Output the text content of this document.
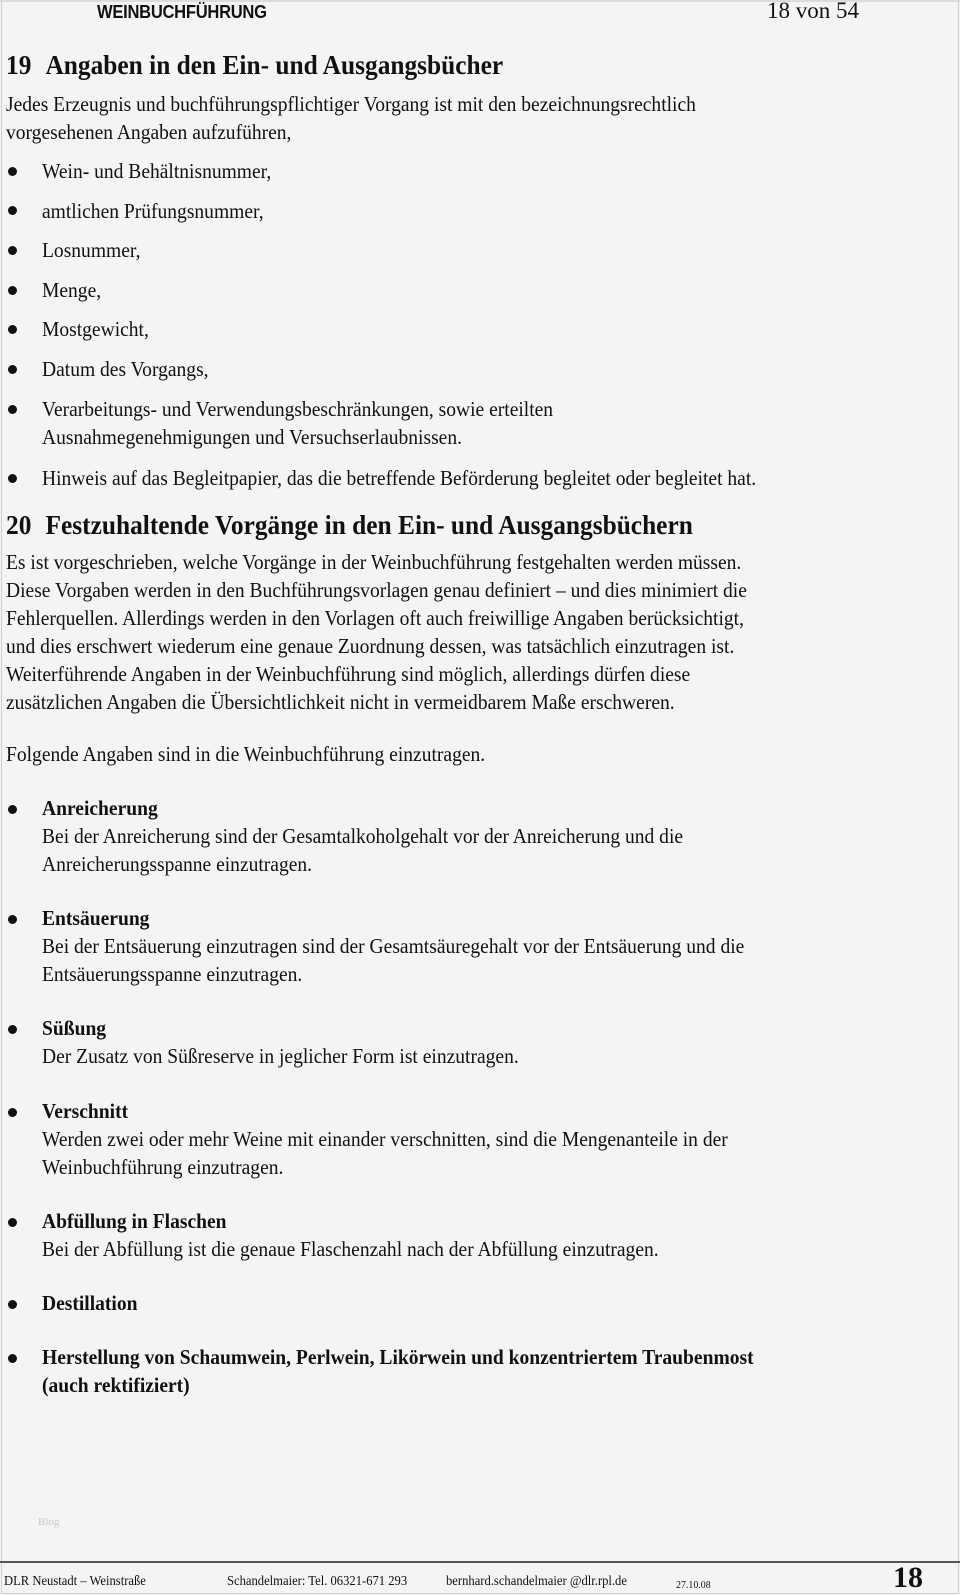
WEINBUCHFÜHRUNG	18 von 54
19 Angaben in den Ein- und Ausgangsbücher
Jedes Erzeugnis und buchführungspflichtiger Vorgang ist mit den bezeichnungsrechtlich
vorgesehenen Angaben aufzuführen,
Wein- und Behältnisnummer,
amtlichen Prüfungsnummer,
Losnummer,
Menge,
Mostgewicht,
Datum des Vorgangs,
Verarbeitungs- und Verwendungsbeschränkungen, sowie erteilten
Ausnahmegenehmigungen und Versuchserlaubnissen.
Hinweis auf das Begleitpapier, das die betreffende Beförderung begleitet oder begleitet hat.
20 Festzuhaltende Vorgänge in den Ein- und Ausgangsbüchern
Es ist vorgeschrieben, welche Vorgänge in der Weinbuchführung festgehalten werden müssen.
Diese Vorgaben werden in den Buchführungsvorlagen genau definiert – und dies minimiert die
Fehlerquellen. Allerdings werden in den Vorlagen oft auch freiwillige Angaben berücksichtigt,
und dies erschwert wiederum eine genaue Zuordnung dessen, was tatsächlich einzutragen ist.
Weiterführende Angaben in der Weinbuchführung sind möglich, allerdings dürfen diese
zusätzlichen Angaben die Übersichtlichkeit nicht in vermeidbarem Maße erschweren.
Folgende Angaben sind in die Weinbuchführung einzutragen.
Anreicherung
Bei der Anreicherung sind der Gesamtalkoholgehalt vor der Anreicherung und die
Anreicherungsspanne einzutragen.
Entsäuerung
Bei der Entsäuerung einzutragen sind der Gesamtsäuregehalt vor der Entsäuerung und die
Entsäuerungsspanne einzutragen.
Süßung
Der Zusatz von Süßreserve in jeglicher Form ist einzutragen.
Verschnitt
Werden zwei oder mehr Weine mit einander verschnitten, sind die Mengenanteile in der
Weinbuchführung einzutragen.
Abfüllung in Flaschen
Bei der Abfüllung ist die genaue Flaschenzahl nach der Abfüllung einzutragen.
Destillation
Herstellung von Schaumwein, Perlwein, Likörwein und konzentriertem Traubenmost
(auch rektifiziert)
Blog
DLR Neustadt – Weinstraße	Schandelmaier: Tel. 06321-671 293	bernhard.schandelmaier @dlr.rpl.de	27.10.08	18
